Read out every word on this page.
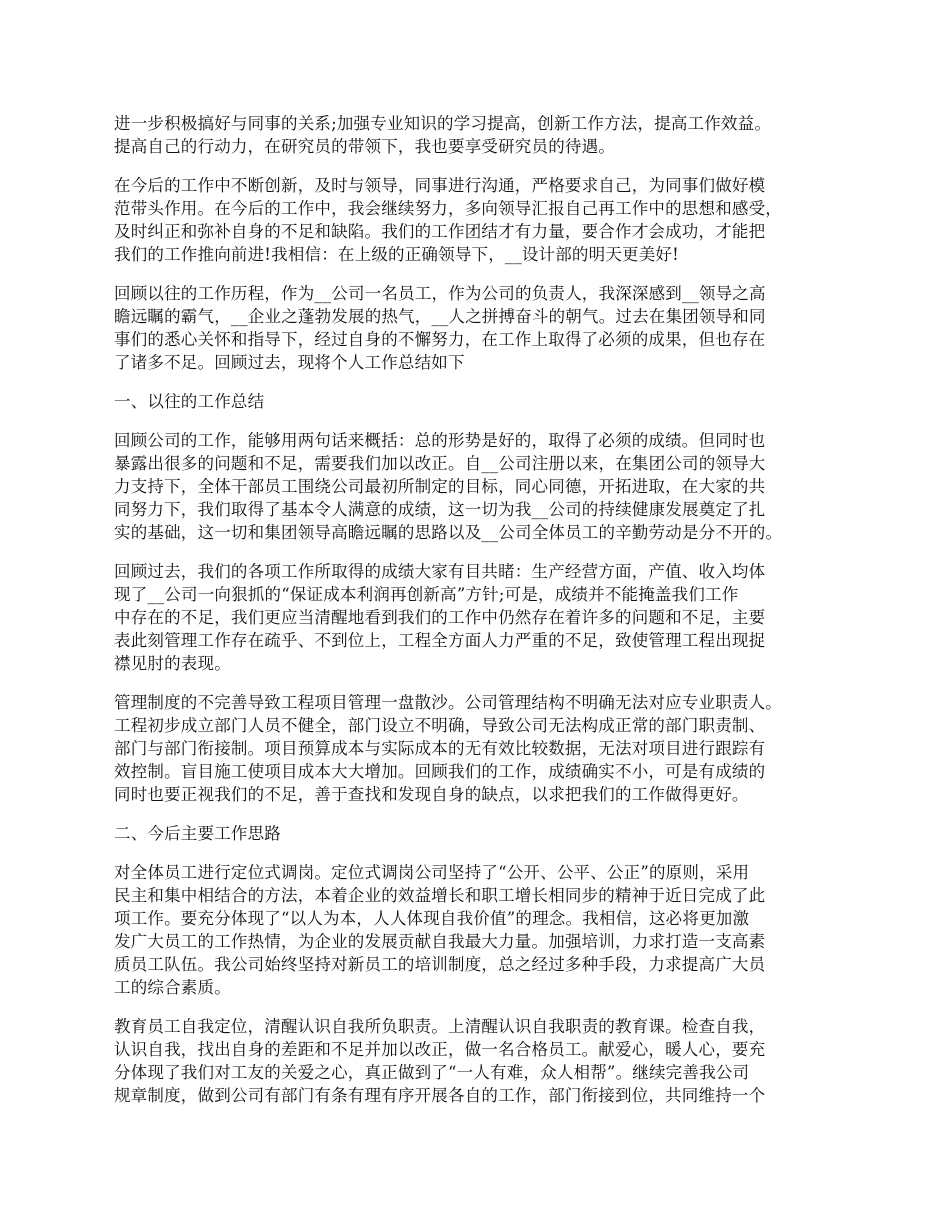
进一步积极搞好与同事的关系;加强专业知识的学习提高，创新工作方法，提高工作效益。
提高自己的行动力，在研究员的带领下，我也要享受研究员的待遇。
在今后的工作中不断创新，及时与领导，同事进行沟通，严格要求自己，为同事们做好模
范带头作用。在今后的工作中，我会继续努力，多向领导汇报自己再工作中的思想和感受，
及时纠正和弥补自身的不足和缺陷。我们的工作团结才有力量，要合作才会成功，才能把
我们的工作推向前进!我相信：在上级的正确领导下，__设计部的明天更美好!
回顾以往的工作历程，作为__公司一名员工，作为公司的负责人，我深深感到__领导之高
瞻远瞩的霸气，__企业之蓬勃发展的热气，__人之拼搏奋斗的朝气。过去在集团领导和同
事们的悉心关怀和指导下，经过自身的不懈努力，在工作上取得了必须的成果，但也存在
了诸多不足。回顾过去，现将个人工作总结如下
一、以往的工作总结
回顾公司的工作，能够用两句话来概括：总的形势是好的，取得了必须的成绩。但同时也
暴露出很多的问题和不足，需要我们加以改正。自__公司注册以来，在集团公司的领导大
力支持下，全体干部员工围绕公司最初所制定的目标，同心同德，开拓进取，在大家的共
同努力下，我们取得了基本令人满意的成绩，这一切为我__公司的持续健康发展奠定了扎
实的基础，这一切和集团领导高瞻远瞩的思路以及__公司全体员工的辛勤劳动是分不开的。
回顾过去，我们的各项工作所取得的成绩大家有目共睹：生产经营方面，产值、收入均体
现了__公司一向狠抓的“保证成本利润再创新高”方针;可是，成绩并不能掩盖我们工作
中存在的不足，我们更应当清醒地看到我们的工作中仍然存在着许多的问题和不足，主要
表此刻管理工作存在疏乎、不到位上，工程全方面人力严重的不足，致使管理工程出现捉
襟见肘的表现。
管理制度的不完善导致工程项目管理一盘散沙。公司管理结构不明确无法对应专业职责人。
工程初步成立部门人员不健全，部门设立不明确，导致公司无法构成正常的部门职责制、
部门与部门衔接制。项目预算成本与实际成本的无有效比较数据，无法对项目进行跟踪有
效控制。盲目施工使项目成本大大增加。回顾我们的工作，成绩确实不小，可是有成绩的
同时也要正视我们的不足，善于查找和发现自身的缺点，以求把我们的工作做得更好。
二、今后主要工作思路
对全体员工进行定位式调岗。定位式调岗公司坚持了“公开、公平、公正”的原则，采用
民主和集中相结合的方法，本着企业的效益增长和职工增长相同步的精神于近日完成了此
项工作。要充分体现了“以人为本，人人体现自我价值”的理念。我相信，这必将更加激
发广大员工的工作热情，为企业的发展贡献自我最大力量。加强培训，力求打造一支高素
质员工队伍。我公司始终坚持对新员工的培训制度，总之经过多种手段，力求提高广大员
工的综合素质。
教育员工自我定位，清醒认识自我所负职责。上清醒认识自我职责的教育课。检查自我，
认识自我，找出自身的差距和不足并加以改正，做一名合格员工。献爱心，暖人心，要充
分体现了我们对工友的关爱之心，真正做到了“一人有难，众人相帮”。继续完善我公司
规章制度，做到公司有部门有条有理有序开展各自的工作，部门衔接到位，共同维持一个
